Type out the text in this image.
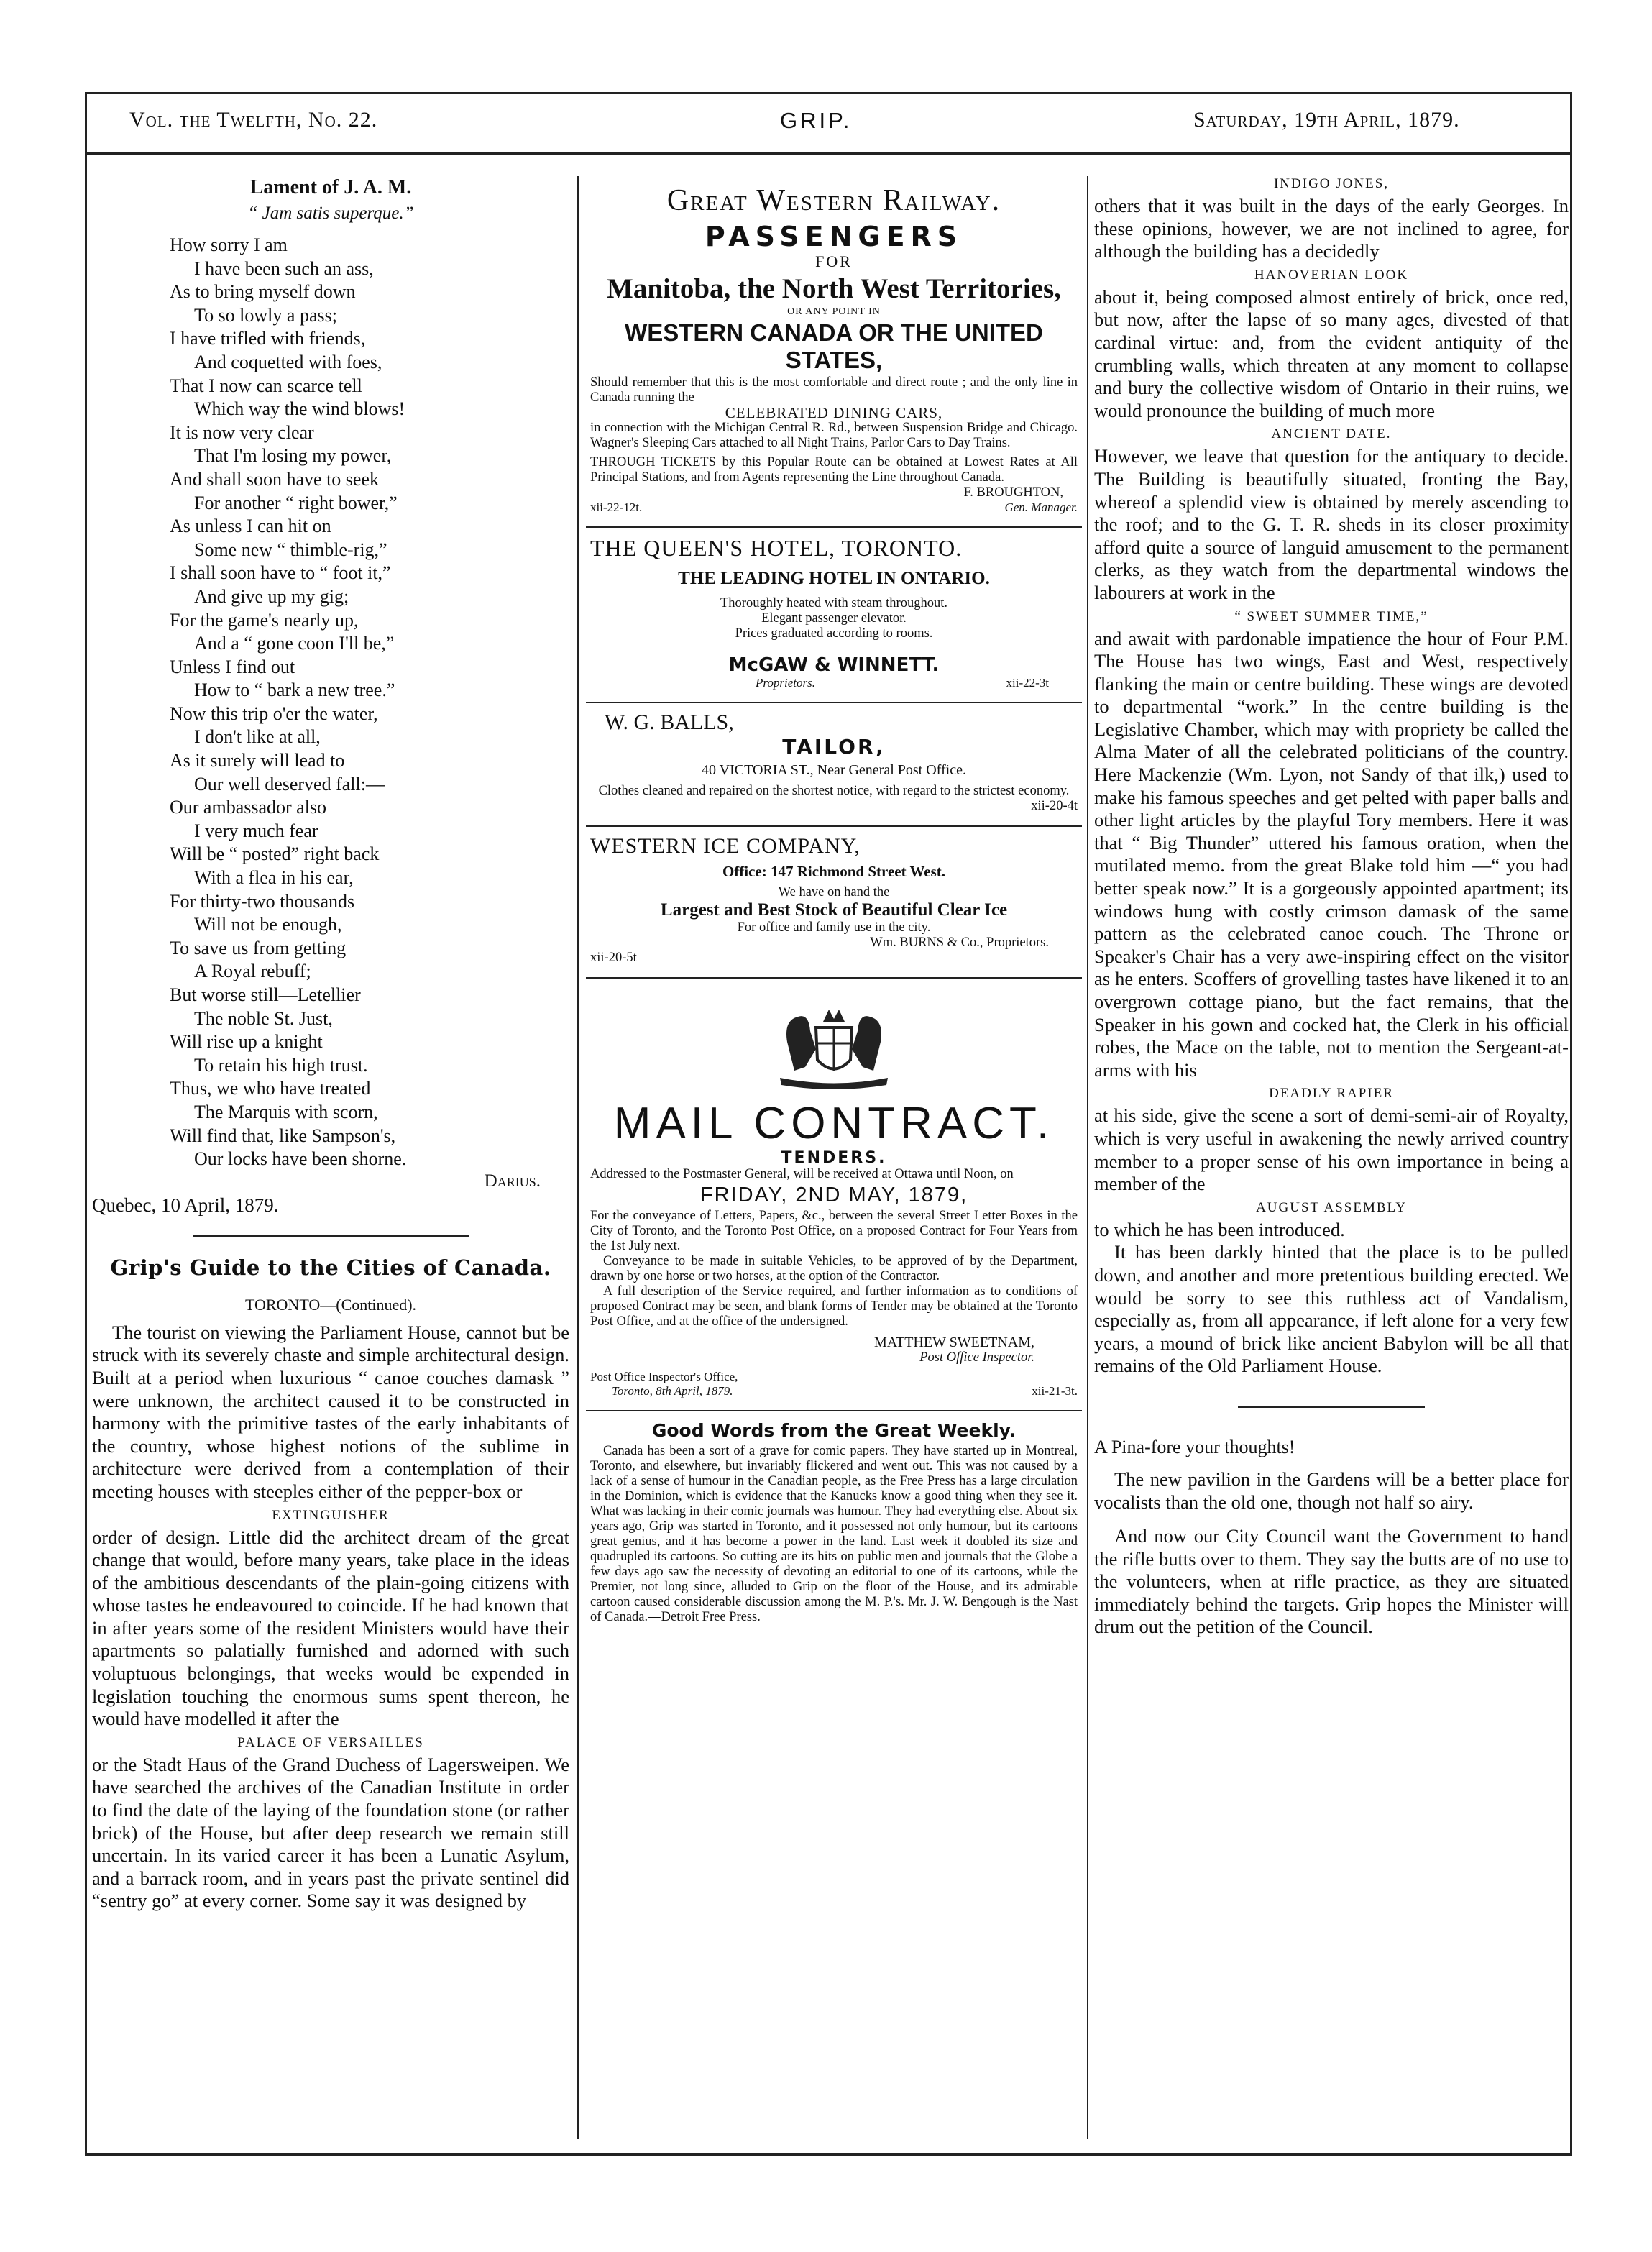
Vol. the Twelfth, No. 22.	GRIP.	Saturday, 19th April, 1879.
Lament of J. A. M.
“ Jam satis superque.”
How sorry I am
I have been such an ass,
As to bring myself down
To so lowly a pass;
I have trifled with friends,
And coquetted with foes,
That I now can scarce tell
Which way the wind blows!
It is now very clear
That I'm losing my power,
And shall soon have to seek
For another “ right bower,”
As unless I can hit on
Some new “ thimble-rig,”
I shall soon have to “ foot it,”
And give up my gig;
For the game's nearly up,
And a “ gone coon I'll be,”
Unless I find out
How to “ bark a new tree.”
Now this trip o'er the water,
I don't like at all,
As it surely will lead to
Our well deserved fall:—
Our ambassador also
I very much fear
Will be “ posted” right back
With a flea in his ear,
For thirty-two thousands
Will not be enough,
To save us from getting
A Royal rebuff;
But worse still—Letellier
The noble St. Just,
Will rise up a knight
To retain his high trust.
Thus, we who have treated
The Marquis with scorn,
Will find that, like Sampson's,
Our locks have been shorne.
Darius.
Quebec, 10 April, 1879.
Grip's Guide to the Cities of Canada.
TORONTO—(Continued).

The tourist on viewing the Parliament House, cannot but be struck with its severely chaste and simple architectural design. Built at a period when luxurious “ canoe couches damask ” were unknown, the architect caused it to be constructed in harmony with the primitive tastes of the early inhabitants of the country, whose highest notions of the sublime in architecture were derived from a contemplation of their meeting houses with steeples either of the pepper-box or

EXTINGUISHER

order of design. Little did the architect dream of the great change that would, before many years, take place in the ideas of the ambitious descendants of the plain-going citizens with whose tastes he endeavoured to coincide. If he had known that in after years some of the resident Ministers would have their apartments so palatially furnished and adorned with such voluptuous belongings, that weeks would be expended in legislation touching the enormous sums spent thereon, he would have modelled it after the

PALACE OF VERSAILLES

or the Stadt Haus of the Grand Duchess of Lagersweipen. We have searched the archives of the Canadian Institute in order to find the date of the laying of the foundation stone (or rather brick) of the House, but after deep research we remain still uncertain. In its varied career it has been a Lunatic Asylum, and a barrack room, and in years past the private sentinel did “sentry go” at every corner. Some say it was designed by

Great Western Railway.
PASSENGERS
FOR
Manitoba, the North West Territories,
OR ANY POINT IN
WESTERN CANADA OR THE UNITED STATES,

Should remember that this is the most comfortable and direct route ; and the only line in Canada running the

CELEBRATED DINING CARS,

in connection with the Michigan Central R. Rd., between Suspension Bridge and Chicago. Wagner's Sleeping Cars attached to all Night Trains, Parlor Cars to Day Trains.

THROUGH TICKETS by this Popular Route can be obtained at Lowest Rates at All Principal Stations, and from Agents representing the Line throughout Canada.

F. BROUGHTON,

xii-22-12t.	Gen. Manager.
THE QUEEN'S HOTEL, TORONTO.
THE LEADING HOTEL IN ONTARIO.

Thoroughly heated with steam throughout.

Elegant passenger elevator.

Prices graduated according to rooms.

McGAW & WINNETT.
Proprietors.	xii-22-3t
W. G. BALLS,
TAILOR,

40 VICTORIA ST., Near General Post Office.

Clothes cleaned and repaired on the shortest notice, with regard to the strictest economy.

xii-20-4t

WESTERN ICE COMPANY,
Office: 147 Richmond Street West.

We have on hand the

Largest and Best Stock of Beautiful Clear Ice

For office and family use in the city.

Wm. BURNS & Co., Proprietors.

xii-20-5t

MAIL CONTRACT.
TENDERS.

Addressed to the Postmaster General, will be received at Ottawa until Noon, on

FRIDAY, 2ND MAY, 1879,

For the conveyance of Letters, Papers, &c., between the several Street Letter Boxes in the City of Toronto, and the Toronto Post Office, on a proposed Contract for Four Years from the 1st July next.

Conveyance to be made in suitable Vehicles, to be approved of by the Department, drawn by one horse or two horses, at the option of the Contractor.

A full description of the Service required, and further information as to conditions of proposed Contract may be seen, and blank forms of Tender may be obtained at the Toronto Post Office, and at the office of the undersigned.

MATTHEW SWEETNAM,

Post Office Inspector.

Post Office Inspector's Office,
Toronto, 8th April, 1879.	xii-21-3t.
Good Words from the Great Weekly.

Canada has been a sort of a grave for comic papers. They have started up in Montreal, Toronto, and elsewhere, but invariably flickered and went out. This was not caused by a lack of a sense of humour in the Canadian people, as the Free Press has a large circulation in the Dominion, which is evidence that the Kanucks know a good thing when they see it. What was lacking in their comic journals was humour. They had everything else. About six years ago, Grip was started in Toronto, and it possessed not only humour, but its cartoons great genius, and it has become a power in the land. Last week it doubled its size and quadrupled its cartoons. So cutting are its hits on public men and journals that the Globe a few days ago saw the necessity of devoting an editorial to one of its cartoons, while the Premier, not long since, alluded to Grip on the floor of the House, and its admirable cartoon caused considerable discussion among the M. P.'s. Mr. J. W. Bengough is the Nast of Canada.—Detroit Free Press.

INDIGO JONES,

others that it was built in the days of the early Georges. In these opinions, however, we are not inclined to agree, for although the building has a decidedly

HANOVERIAN LOOK

about it, being composed almost entirely of brick, once red, but now, after the lapse of so many ages, divested of that cardinal virtue: and, from the evident antiquity of the crumbling walls, which threaten at any moment to collapse and bury the collective wisdom of Ontario in their ruins, we would pronounce the building of much more

ANCIENT DATE.

However, we leave that question for the antiquary to decide. The Building is beautifully situated, fronting the Bay, whereof a splendid view is obtained by merely ascending to the roof; and to the G. T. R. sheds in its closer proximity afford quite a source of languid amusement to the permanent clerks, as they watch from the departmental windows the labourers at work in the

“ SWEET SUMMER TIME,”

and await with pardonable impatience the hour of Four P.M. The House has two wings, East and West, respectively flanking the main or centre building. These wings are devoted to departmental “work.” In the centre building is the Legislative Chamber, which may with propriety be called the Alma Mater of all the celebrated politicians of the country. Here Mackenzie (Wm. Lyon, not Sandy of that ilk,) used to make his famous speeches and get pelted with paper balls and other light articles by the playful Tory members. Here it was that “ Big Thunder” uttered his famous oration, when the mutilated memo. from the great Blake told him —“ you had better speak now.” It is a gorgeously appointed apartment; its windows hung with costly crimson damask of the same pattern as the celebrated canoe couch. The Throne or Speaker's Chair has a very awe-inspiring effect on the visitor as he enters. Scoffers of grovelling tastes have likened it to an overgrown cottage piano, but the fact remains, that the Speaker in his gown and cocked hat, the Clerk in his official robes, the Mace on the table, not to mention the Sergeant-at-arms with his

DEADLY RAPIER

at his side, give the scene a sort of demi-semi-air of Royalty, which is very useful in awakening the newly arrived country member to a proper sense of his own importance in being a member of the

AUGUST ASSEMBLY

to which he has been introduced.

It has been darkly hinted that the place is to be pulled down, and another and more pretentious building erected. We would be sorry to see this ruthless act of Vandalism, especially as, from all appearance, if left alone for a very few years, a mound of brick like ancient Babylon will be all that remains of the Old Parliament House.

A Pina-fore your thoughts!

The new pavilion in the Gardens will be a better place for vocalists than the old one, though not half so airy.

And now our City Council want the Government to hand the rifle butts over to them. They say the butts are of no use to the volunteers, when at rifle practice, as they are situated immediately behind the targets. Grip hopes the Minister will drum out the petition of the Council.
